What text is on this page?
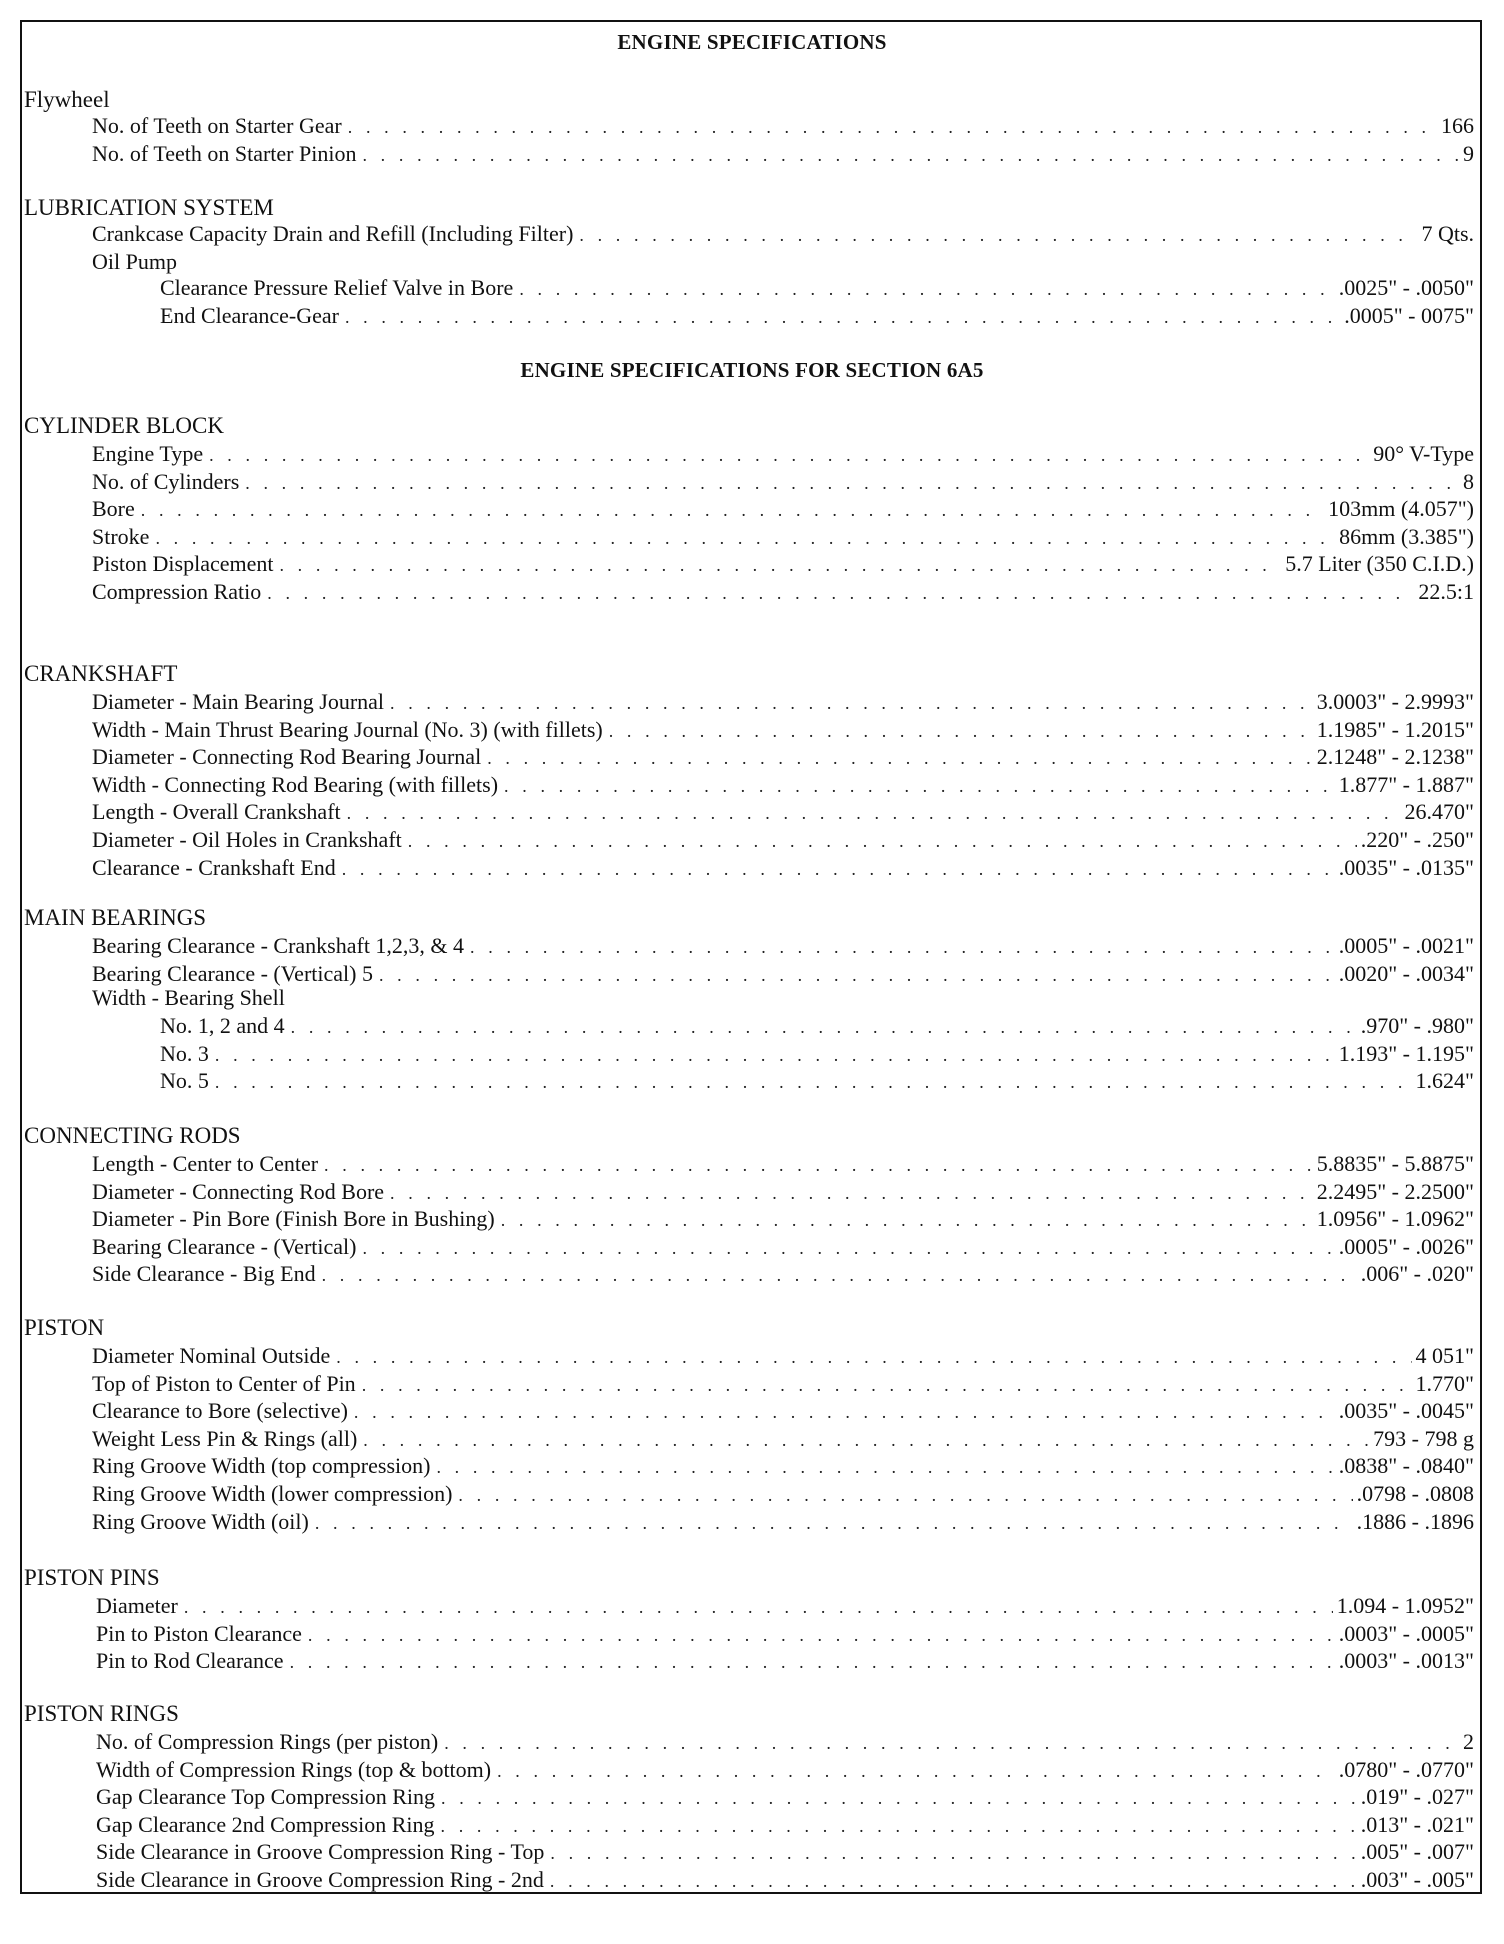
ENGINE SPECIFICATIONS
Flywheel
No. of Teeth on Starter Gear . . .	166
No. of Teeth on Starter Pinion . . .	9
LUBRICATION SYSTEM
Crankcase Capacity Drain and Refill (Including Filter) . . .	7 Qts.
Oil Pump
Clearance Pressure Relief Valve in Bore . . .	.0025" - .0050"
End Clearance-Gear . . .	.0005" - 0075"
ENGINE SPECIFICATIONS FOR SECTION 6A5
CYLINDER BLOCK
CRANKSHAFT
MAIN BEARINGS
Width - Bearing Shell
CONNECTING RODS
PISTON
PISTON PINS
PISTON RINGS
Engine Type . . .	90° V-Type
No. of Cylinders . . .	8
Bore . . .	103mm (4.057")
Stroke . . .	86mm (3.385")
Piston Displacement . . .	5.7 Liter (350 C.I.D.)
Compression Ratio . . .	22.5:1
Diameter - Main Bearing Journal . . .	3.0003" - 2.9993"
Width - Main Thrust Bearing Journal (No. 3) (with fillets) . . .	1.1985" - 1.2015"
Diameter - Connecting Rod Bearing Journal . . .	2.1248" - 2.1238"
Width - Connecting Rod Bearing (with fillets) . . .	1.877" - 1.887"
Length - Overall Crankshaft . . .	26.470"
Diameter - Oil Holes in Crankshaft . . .	.220" - .250"
Clearance - Crankshaft End . . .	.0035" - .0135"
Bearing Clearance - Crankshaft 1,2,3, & 4 . . .	.0005" - .0021"
Bearing Clearance - (Vertical) 5 . . .	.0020" - .0034"
No. 1, 2 and 4 . . .	.970" - .980"
No. 3 . . .	1.193" - 1.195"
No. 5 . . .	1.624"
Length - Center to Center . . .	5.8835" - 5.8875"
Diameter - Connecting Rod Bore . . .	2.2495" - 2.2500"
Diameter - Pin Bore (Finish Bore in Bushing) . . .	1.0956" - 1.0962"
Bearing Clearance - (Vertical) . . .	.0005" - .0026"
Side Clearance - Big End . . .	.006" - .020"
Diameter Nominal Outside . . .	4 051"
Top of Piston to Center of Pin . . .	1.770"
Clearance to Bore (selective) . . .	.0035" - .0045"
Weight Less Pin & Rings (all) . . .	793 - 798 g
Ring Groove Width (top compression) . . .	.0838" - .0840"
Ring Groove Width (lower compression) . . .	.0798 - .0808
Ring Groove Width (oil) . . .	.1886 - .1896
Diameter . . .	1.094 - 1.0952"
Pin to Piston Clearance . . .	.0003" - .0005"
Pin to Rod Clearance . . .	.0003" - .0013"
No. of Compression Rings (per piston) . . .	2
Width of Compression Rings (top & bottom) . . .	.0780" - .0770"
Gap Clearance Top Compression Ring . . .	.019" - .027"
Gap Clearance 2nd Compression Ring . . .	.013" - .021"
Side Clearance in Groove Compression Ring - Top . . .	.005" - .007"
Side Clearance in Groove Compression Ring - 2nd . . .	.003" - .005"
